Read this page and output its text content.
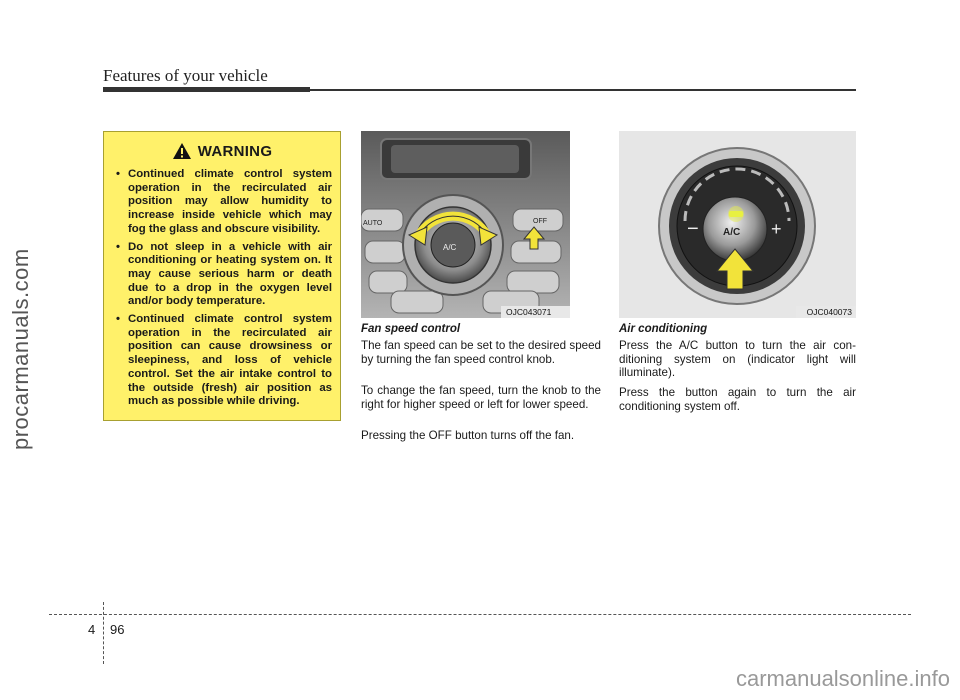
Features of your vehicle
procarmanuals.com
carmanualsonline.info
WARNING
• Continued climate control system operation in the recirculated air position may allow humidity to increase inside vehicle which may fog the glass and obscure visibility.
• Do not sleep in a vehicle with air conditioning or heating system on. It may cause serious harm or death due to a drop in the oxygen level and/or body temperature.
• Continued climate control system operation in the recirculated air position can cause drowsiness or sleepiness, and loss of vehicle control. Set the air intake control to the outside (fresh) air position as much as possible while driving.
AUTO	OFF
A/C
OJC043071
−	+
A/C
OJC040073
Fan speed control

The fan speed can be set to the desired speed by turning the fan speed control knob.

To change the fan speed, turn the knob to the right for higher speed or left for lower speed.

Pressing the OFF button turns off the fan.

Air conditioning

Press the A/C button to turn the air con-ditioning system on (indicator light will illuminate).

Press the button again to turn the air conditioning system off.

4 96
